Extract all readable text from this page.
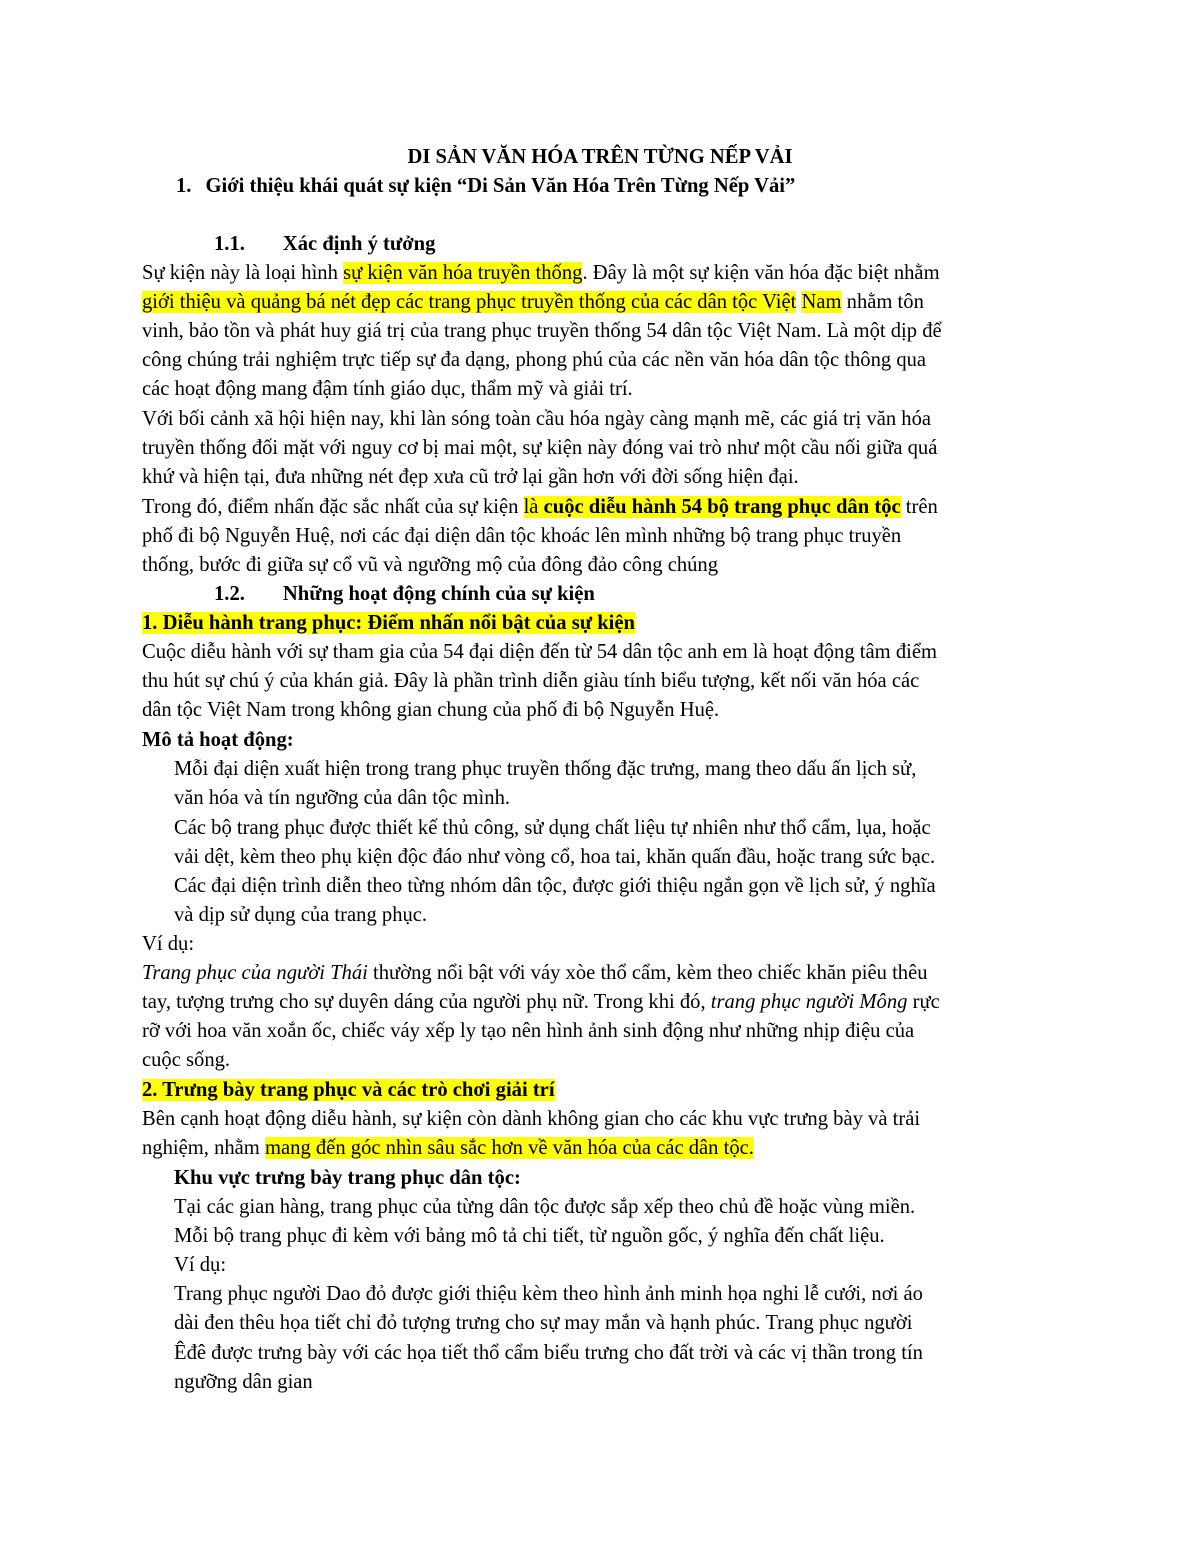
DI SẢN VĂN HÓA TRÊN TỪNG NẾP VẢI
1. Giới thiệu khái quát sự kiện “Di Sản Văn Hóa Trên Từng Nếp Vải”
1.1. Xác định ý tưởng
Sự kiện này là loại hình sự kiện văn hóa truyền thống. Đây là một sự kiện văn hóa đặc biệt nhằm
giới thiệu và quảng bá nét đẹp các trang phục truyền thống của các dân tộc Việt Nam nhằm tôn
vinh, bảo tồn và phát huy giá trị của trang phục truyền thống 54 dân tộc Việt Nam. Là một dịp để
công chúng trải nghiệm trực tiếp sự đa dạng, phong phú của các nền văn hóa dân tộc thông qua
các hoạt động mang đậm tính giáo dục, thẩm mỹ và giải trí.
Với bối cảnh xã hội hiện nay, khi làn sóng toàn cầu hóa ngày càng mạnh mẽ, các giá trị văn hóa
truyền thống đối mặt với nguy cơ bị mai một, sự kiện này đóng vai trò như một cầu nối giữa quá
khứ và hiện tại, đưa những nét đẹp xưa cũ trở lại gần hơn với đời sống hiện đại.
Trong đó, điểm nhấn đặc sắc nhất của sự kiện là cuộc diễu hành 54 bộ trang phục dân tộc trên
phố đi bộ Nguyễn Huệ, nơi các đại diện dân tộc khoác lên mình những bộ trang phục truyền
thống, bước đi giữa sự cổ vũ và ngưỡng mộ của đông đảo công chúng
1.2. Những hoạt động chính của sự kiện
1. Diễu hành trang phục: Điểm nhấn nổi bật của sự kiện
Cuộc diễu hành với sự tham gia của 54 đại diện đến từ 54 dân tộc anh em là hoạt động tâm điểm
thu hút sự chú ý của khán giả. Đây là phần trình diễn giàu tính biểu tượng, kết nối văn hóa các
dân tộc Việt Nam trong không gian chung của phố đi bộ Nguyễn Huệ.
Mô tả hoạt động:
Mỗi đại diện xuất hiện trong trang phục truyền thống đặc trưng, mang theo dấu ấn lịch sử,
văn hóa và tín ngưỡng của dân tộc mình.
Các bộ trang phục được thiết kế thủ công, sử dụng chất liệu tự nhiên như thổ cẩm, lụa, hoặc
vải dệt, kèm theo phụ kiện độc đáo như vòng cổ, hoa tai, khăn quấn đầu, hoặc trang sức bạc.
Các đại diện trình diễn theo từng nhóm dân tộc, được giới thiệu ngắn gọn về lịch sử, ý nghĩa
và dịp sử dụng của trang phục.
Ví dụ:
Trang phục của người Thái thường nổi bật với váy xòe thổ cẩm, kèm theo chiếc khăn piêu thêu
tay, tượng trưng cho sự duyên dáng của người phụ nữ. Trong khi đó, trang phục người Mông rực
rỡ với hoa văn xoắn ốc, chiếc váy xếp ly tạo nên hình ảnh sinh động như những nhịp điệu của
cuộc sống.
2. Trưng bày trang phục và các trò chơi giải trí
Bên cạnh hoạt động diễu hành, sự kiện còn dành không gian cho các khu vực trưng bày và trải
nghiệm, nhằm mang đến góc nhìn sâu sắc hơn về văn hóa của các dân tộc.
Khu vực trưng bày trang phục dân tộc:
Tại các gian hàng, trang phục của từng dân tộc được sắp xếp theo chủ đề hoặc vùng miền.
Mỗi bộ trang phục đi kèm với bảng mô tả chi tiết, từ nguồn gốc, ý nghĩa đến chất liệu.
Ví dụ:
Trang phục người Dao đỏ được giới thiệu kèm theo hình ảnh minh họa nghi lễ cưới, nơi áo
dài đen thêu họa tiết chỉ đỏ tượng trưng cho sự may mắn và hạnh phúc. Trang phục người
Êđê được trưng bày với các họa tiết thổ cẩm biểu trưng cho đất trời và các vị thần trong tín
ngưỡng dân gian
